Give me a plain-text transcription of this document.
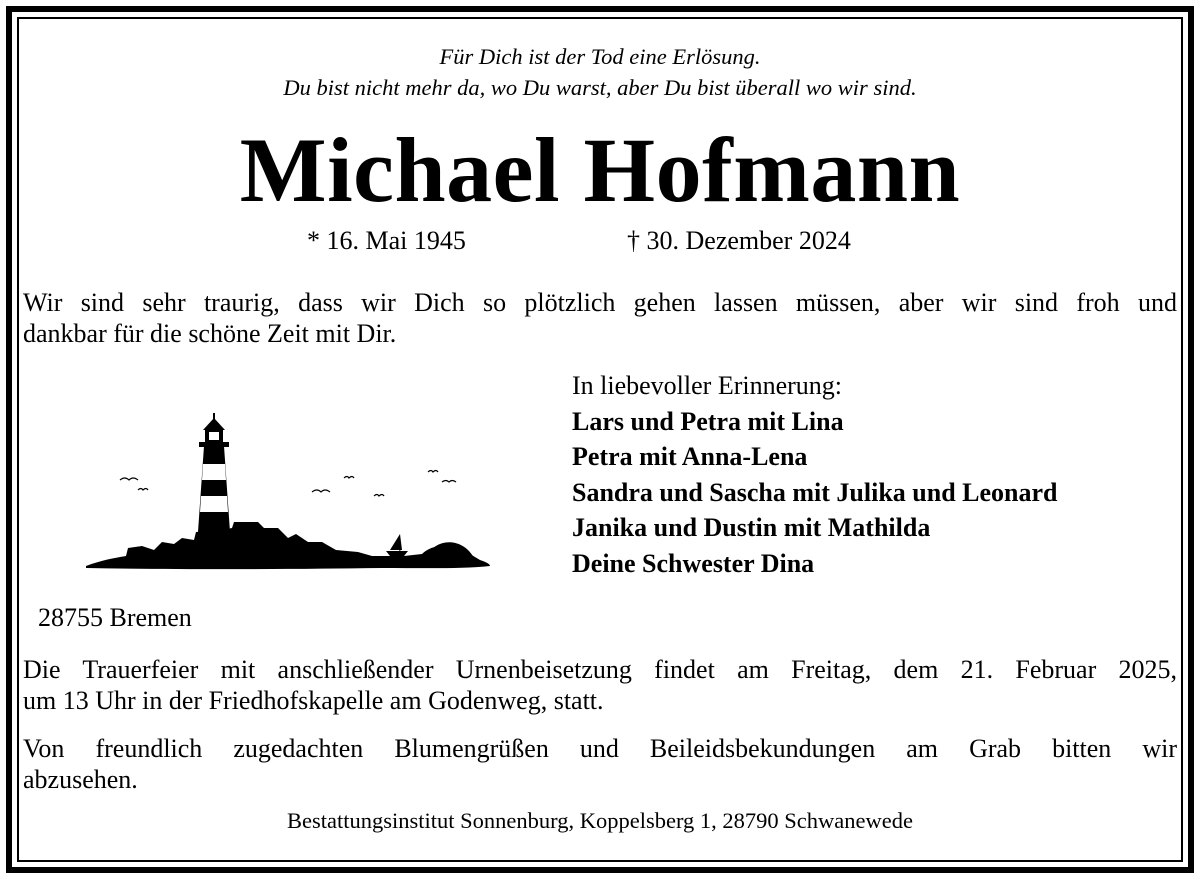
Für Dich ist der Tod eine Erlösung.
Du bist nicht mehr da, wo Du warst, aber Du bist überall wo wir sind.
Michael Hofmann
* 16. Mai 1945	† 30. Dezember 2024
Wir sind sehr traurig, dass wir Dich so plötzlich gehen lassen müssen, aber wir sind froh und
dankbar für die schöne Zeit mit Dir.
In liebevoller Erinnerung:
Lars und Petra mit Lina
Petra mit Anna-Lena
Sandra und Sascha mit Julika und Leonard
Janika und Dustin mit Mathilda
Deine Schwester Dina
28755 Bremen
Die Trauerfeier mit anschließender Urnenbeisetzung findet am Freitag, dem 21. Februar 2025,
um 13 Uhr in der Friedhofskapelle am Godenweg, statt.
Von freundlich zugedachten Blumengrüßen und Beileidsbekundungen am Grab bitten wir
abzusehen.
Bestattungsinstitut Sonnenburg, Koppelsberg 1, 28790 Schwanewede
